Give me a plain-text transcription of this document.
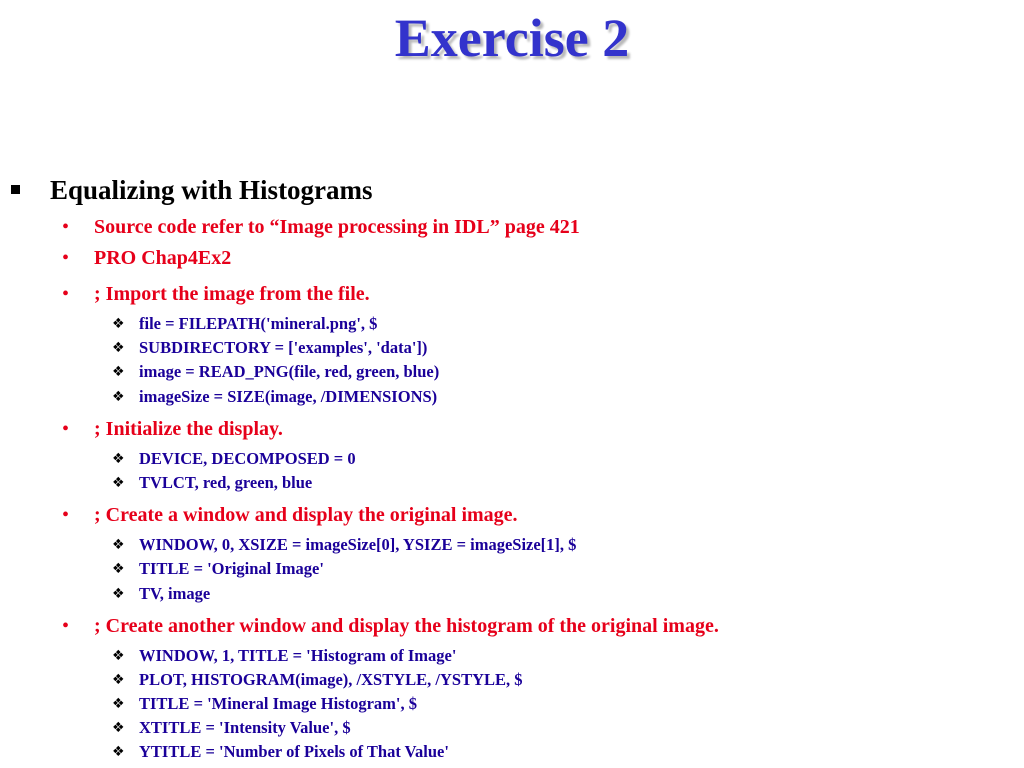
Exercise 2
Equalizing with Histograms
• Source code refer to “Image processing in IDL” page 421
• PRO Chap4Ex2
• ; Import the image from the file.
❖ file = FILEPATH('mineral.png', $
❖ SUBDIRECTORY = ['examples', 'data'])
❖ image = READ_PNG(file, red, green, blue)
❖ imageSize = SIZE(image, /DIMENSIONS)
• ; Initialize the display.
❖ DEVICE, DECOMPOSED = 0
❖ TVLCT, red, green, blue
• ; Create a window and display the original image.
❖ WINDOW, 0, XSIZE = imageSize[0], YSIZE = imageSize[1], $
❖ TITLE = 'Original Image'
❖ TV, image
• ; Create another window and display the histogram of the original image.
❖ WINDOW, 1, TITLE = 'Histogram of Image'
❖ PLOT, HISTOGRAM(image), /XSTYLE, /YSTYLE, $
❖ TITLE = 'Mineral Image Histogram', $
❖ XTITLE = 'Intensity Value', $
❖ YTITLE = 'Number of Pixels of That Value'
